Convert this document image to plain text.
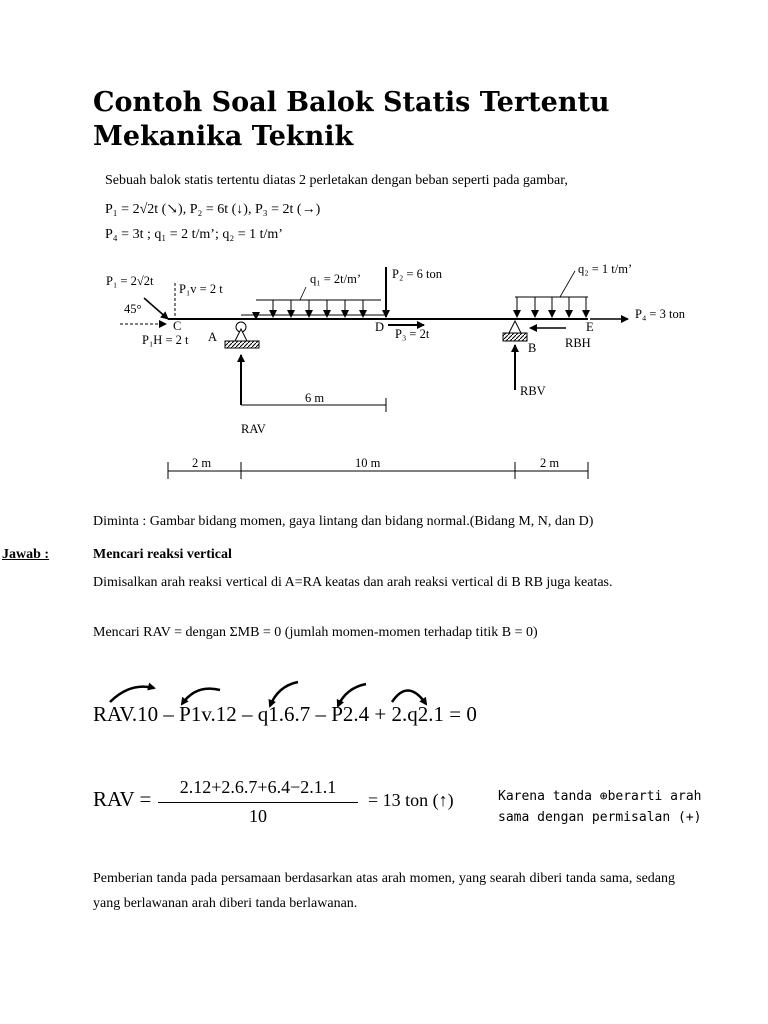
Contoh Soal Balok Statis Tertentu
Mekanika Teknik
Sebuah balok statis tertentu diatas 2 perletakan dengan beban seperti pada gambar,
P₁ = 2√2t (↘), P₂ = 6t (↓), P₃ = 2t (→)
P₄ = 3t ; q₁ = 2 t/m’; q₂ = 1 t/m’
P₁ = 2√2t
P₁v = 2 t
45°
C
P₁H = 2 t A
q₁ = 2t/m’ P₂ = 6 ton
D P₃ = 2t
q₂ = 1 t/m’
P₄ = 3 ton
E
B RBH
RAV
RBV
6 m
2 m	10 m	2 m
Diminta : Gambar bidang momen, gaya lintang dan bidang normal.(Bidang M, N, dan D)
Jawab :	Mencari reaksi vertical
Dimisalkan arah reaksi vertical di A=RA keatas dan arah reaksi vertical di B RB juga keatas.
Mencari RAV = dengan ΣMB = 0 (jumlah momen-momen terhadap titik B = 0)
RAV.10 – P1v.12 – q1.6.7 – P2.4 + 2.q2.1 = 0
RAV =	2.12+2.6.7+6.4−2.1.1
10
= 13 ton (↑)	Karena tanda ⊕berarti arah
sama dengan permisalan (+)
Pemberian tanda pada persamaan berdasarkan atas arah momen, yang searah diberi tanda sama, sedang yang berlawanan arah diberi tanda berlawanan.
